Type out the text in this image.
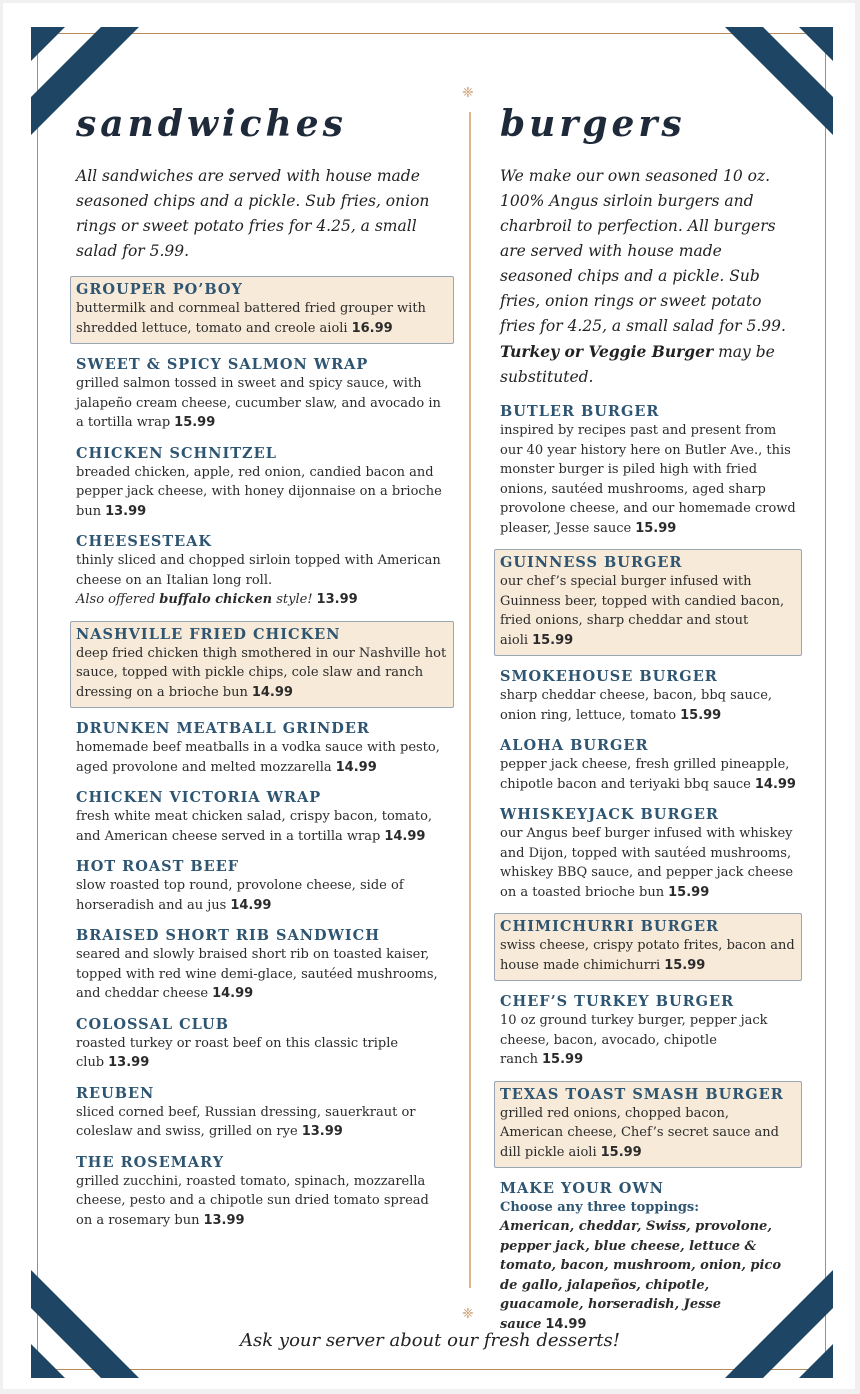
❈
❈
sandwiches

All sandwiches are served with house made seasoned chips and a pickle. Sub fries, onion rings or sweet potato fries for 4.25, a small salad for 5.99.

GROUPER PO’BOY
buttermilk and cornmeal battered fried grouper with shredded lettuce, tomato and creole aioli 16.99
SWEET & SPICY SALMON WRAP
grilled salmon tossed in sweet and spicy sauce, with jalapeño cream cheese, cucumber slaw, and avocado in a tortilla wrap 15.99
CHICKEN SCHNITZEL
breaded chicken, apple, red onion, candied bacon and pepper jack cheese, with honey dijonnaise on a brioche bun 13.99
CHEESESTEAK
thinly sliced and chopped sirloin topped with American cheese on an Italian long roll.
Also offered buffalo chicken style! 13.99
NASHVILLE FRIED CHICKEN
deep fried chicken thigh smothered in our Nashville hot sauce, topped with pickle chips, cole slaw and ranch dressing on a brioche bun 14.99
DRUNKEN MEATBALL GRINDER
homemade beef meatballs in a vodka sauce with pesto, aged provolone and melted mozzarella 14.99
CHICKEN VICTORIA WRAP
fresh white meat chicken salad, crispy bacon, tomato, and American cheese served in a tortilla wrap 14.99
HOT ROAST BEEF
slow roasted top round, provolone cheese, side of horseradish and au jus 14.99
BRAISED SHORT RIB SANDWICH
seared and slowly braised short rib on toasted kaiser, topped with red wine demi-glace, sautéed mushrooms, and cheddar cheese 14.99
COLOSSAL CLUB
roasted turkey or roast beef on this classic triple club 13.99
REUBEN
sliced corned beef, Russian dressing, sauerkraut or coleslaw and swiss, grilled on rye 13.99
THE ROSEMARY
grilled zucchini, roasted tomato, spinach, mozzarella cheese, pesto and a chipotle sun dried tomato spread on a rosemary bun 13.99
burgers

We make our own seasoned 10 oz. 100% Angus sirloin burgers and charbroil to perfection. All burgers are served with house made seasoned chips and a pickle. Sub fries, onion rings or sweet potato fries for 4.25, a small salad for 5.99. Turkey or Veggie Burger may be substituted.

BUTLER BURGER
inspired by recipes past and present from our 40 year history here on Butler Ave., this monster burger is piled high with fried onions, sautéed mushrooms, aged sharp provolone cheese, and our homemade crowd pleaser, Jesse sauce 15.99
GUINNESS BURGER
our chef’s special burger infused with Guinness beer, topped with candied bacon, fried onions, sharp cheddar and stout aioli 15.99
SMOKEHOUSE BURGER
sharp cheddar cheese, bacon, bbq sauce, onion ring, lettuce, tomato 15.99
ALOHA BURGER
pepper jack cheese, fresh grilled pineapple, chipotle bacon and teriyaki bbq sauce 14.99
WHISKEYJACK BURGER
our Angus beef burger infused with whiskey and Dijon, topped with sautéed mushrooms, whiskey BBQ sauce, and pepper jack cheese on a toasted brioche bun 15.99
CHIMICHURRI BURGER
swiss cheese, crispy potato frites, bacon and house made chimichurri 15.99
CHEF’S TURKEY BURGER
10 oz ground turkey burger, pepper jack cheese, bacon, avocado, chipotle ranch 15.99
TEXAS TOAST SMASH BURGER
grilled red onions, chopped bacon, American cheese, Chef’s secret sauce and dill pickle aioli 15.99
MAKE YOUR OWN
Choose any three toppings:
American, cheddar, Swiss, provolone, pepper jack, blue cheese, lettuce & tomato, bacon, mushroom, onion, pico de gallo, jalapeños, chipotle, guacamole, horseradish, Jesse sauce 14.99
Ask your server about our fresh desserts!
